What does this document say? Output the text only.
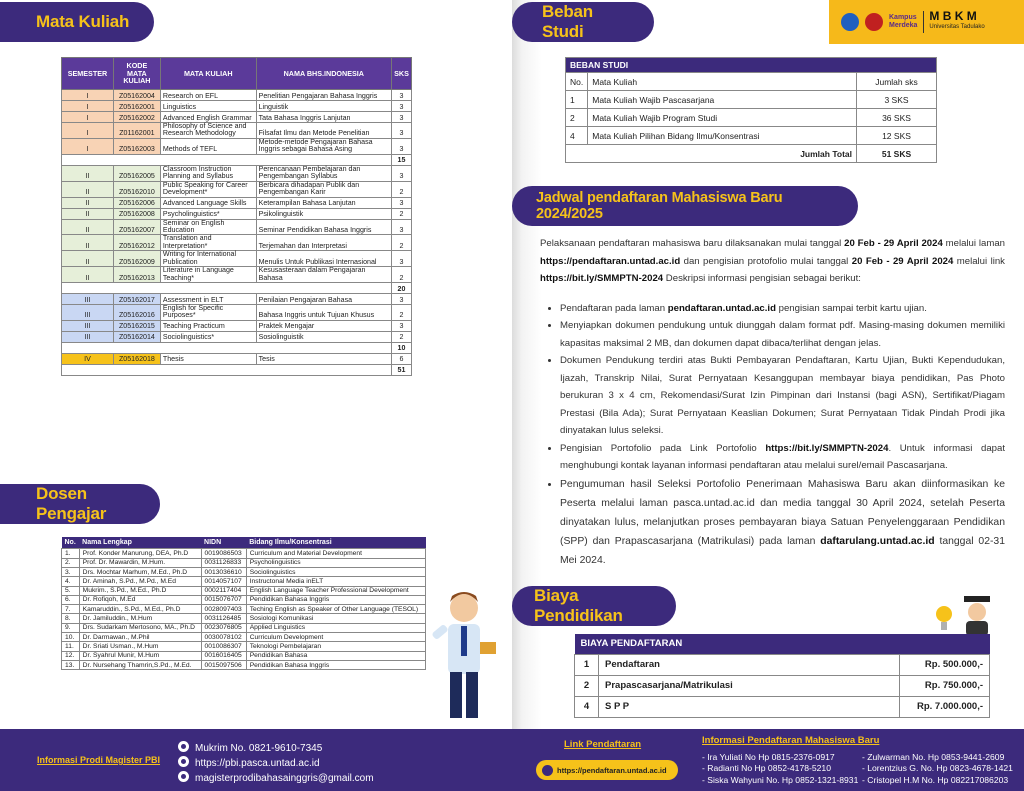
Mata Kuliah
SEMESTER	KODE MATA KULIAH	MATA KULIAH	NAMA BHS.INDONESIA	SKS
I	Z05162004	Research on EFL	Penelitian Pengajaran Bahasa Inggris	3
I	Z05162001	Linguistics	Linguistik	3
I	Z05162002	Advanced English Grammar	Tata Bahasa Inggris Lanjutan	3
I	Z01162001	Philosophy of Science and Research Methodology	Filsafat Ilmu dan Metode Penelitian	3
I	Z05162003	Methods of TEFL	Metode-metode Pengajaran Bahasa Inggris sebagai Bahasa Asing	3
				15
II	Z05162005	Classroom Instruction Planning and Syllabus	Perencanaan Pembelajaran dan Pengembangan Syllabus	3
II	Z05162010	Public Speaking for Career Development*	Berbicara dihadapan Publik dan Pengembangan Karir	2
II	Z05162006	Advanced Language Skills	Keterampilan Bahasa Lanjutan	3
II	Z05162008	Psycholinguistics*	Psikolinguistik	2
II	Z05162007	Seminar on English Education	Seminar Pendidikan Bahasa Inggris	3
II	Z05162012	Translation and Interpretation*	Terjemahan dan Interpretasi	2
II	Z05162009	Writing for International Publication	Menulis Untuk Publikasi Internasional	3
II	Z05162013	Literature in Language Teaching*	Kesusasteraan dalam Pengajaran Bahasa	2
				20
III	Z05162017	Assessment in ELT	Penilaian Pengajaran Bahasa	3
III	Z05162016	English for Specific Purposes*	Bahasa Inggris untuk Tujuan Khusus	2
III	Z05162015	Teaching Practicum	Praktek Mengajar	3
III	Z05162014	Sociolinguistics*	Sosiolinguistik	2
				10
IV	Z05162018	Thesis	Tesis	6
				51
Dosen Pengajar
No.	Nama Lengkap	NIDN	Bidang Ilmu/Konsentrasi
1.	Prof. Konder Manurung, DEA, Ph.D	0019086503	Curriculum and Material Development
2.	Prof. Dr. Mawardin, M.Hum.	0031126833	Psycholinguistics
3.	Drs. Mochtar Marhum, M.Ed., Ph.D	0013036610	Sociolinguistics
4.	Dr. Aminah, S.Pd., M.Pd., M.Ed	0014057107	Instructonal Media inELT
5.	Mukrim., S.Pd., M.Ed., Ph.D	0002117404	English Language Teacher Professional Development
6.	Dr. Rofiqoh, M.Ed	0015076707	Pendidikan Bahasa Inggris
7.	Kamaruddin., S.Pd., M.Ed., Ph.D	0028097403	Teching English as Speaker of Other Language (TESOL)
8.	Dr. Jamiluddin., M.Hum	0031126485	Sosiologi Komunikasi
9.	Drs. Sudarkam Mertosono, MA., Ph.D	0023076805	Applied Linguistics
10.	Dr. Darmawan., M.Phil	0030078102	Curriculum Development
11.	Dr. Sriati Usman., M.Hum	0010086307	Teknologi Pembelajaran
12.	Dr. Syahrul Munir, M.Hum	0016016405	Pendidikan Bahasa
13.	Dr. Nursehang Thamrin,S.Pd., M.Ed.	0015097506	Pendidikan Bahasa Inggris
Informasi Prodi Magister PBI
Mukrim No. 0821-9610-7345
https://pbi.pasca.untad.ac.id
magisterprodibahasainggris@gmail.com
Beban Studi
Kampus
Merdeka
M B K M
Universitas Tadulako
BEBAN STUDI		
No.	Mata Kuliah	Jumlah sks
1	Mata Kuliah Wajib Pascasarjana	3 SKS
2	Mata Kuliah Wajib Program Studi	36 SKS
4	Mata Kuliah Pilihan Bidang Ilmu/Konsentrasi	12 SKS
Jumlah Total		51 SKS
Jadwal pendaftaran Mahasiswa Baru 2024/2025

Pelaksanaan pendaftaran mahasiswa baru dilaksanakan mulai tanggal 20 Feb - 29 April 2024 melalui laman https://pendaftaran.untad.ac.id dan pengisian protofolio mulai tanggal 20 Feb - 29 April 2024 melalui link https://bit.ly/SMMPTN-2024 Deskripsi informasi pengisian sebagai berikut:

• Pendaftaran pada laman pendaftaran.untad.ac.id pengisian sampai terbit kartu ujian.
• Menyiapkan dokumen pendukung untuk diunggah dalam format pdf. Masing-masing dokumen memiliki kapasitas maksimal 2 MB, dan dokumen dapat dibaca/terlihat dengan jelas.
• Dokumen Pendukung terdiri atas Bukti Pembayaran Pendaftaran, Kartu Ujian, Bukti Kependudukan, Ijazah, Transkrip Nilai, Surat Pernyataan Kesanggupan membayar biaya pendidikan, Pas Photo berukuran 3 x 4 cm, Rekomendasi/Surat Izin Pimpinan dari Instansi (bagi ASN), Sertifikat/Piagam Prestasi (Bila Ada); Surat Pernyataan Keaslian Dokumen; Surat Pernyataan Tidak Pindah Prodi jika dinyatakan lulus seleksi.
• Pengisian Portofolio pada Link Portofolio https://bit.ly/SMMPTN-2024. Untuk informasi dapat menghubungi kontak layanan informasi pendaftaran atau melalui surel/email Pascasarjana.
• Pengumuman hasil Seleksi Portofolio Penerimaan Mahasiswa Baru akan diinformasikan ke Peserta melalui laman pasca.untad.ac.id dan media tanggal 30 April 2024, setelah Peserta dinyatakan lulus, melanjutkan proses pembayaran biaya Satuan Penyelenggaraan Pendidikan (SPP) dan Prapascasarjana (Matrikulasi) pada laman daftarulang.untad.ac.id tanggal 02-31 Mei 2024.
Biaya Pendidikan
BIAYA PENDAFTARAN		
1	Pendaftaran	Rp. 500.000,-
2	Prapascasarjana/Matrikulasi	Rp. 750.000,-
4	S P P	Rp. 7.000.000,-
Link Pendaftaran
https://pendaftaran.untad.ac.id
Informasi Pendaftaran Mahasiswa Baru
- Ira Yuliati No Hp 0815-2376-0917
- Radianti No Hp 0852-4178-5210
- Siska Wahyuni No. Hp 0852-1321-8931
- Zulwarman No. Hp 0853-9441-2609
- Lorentzius G. No. Hp 0823-4678-1421
- Cristopel H.M No. Hp 082217086203
